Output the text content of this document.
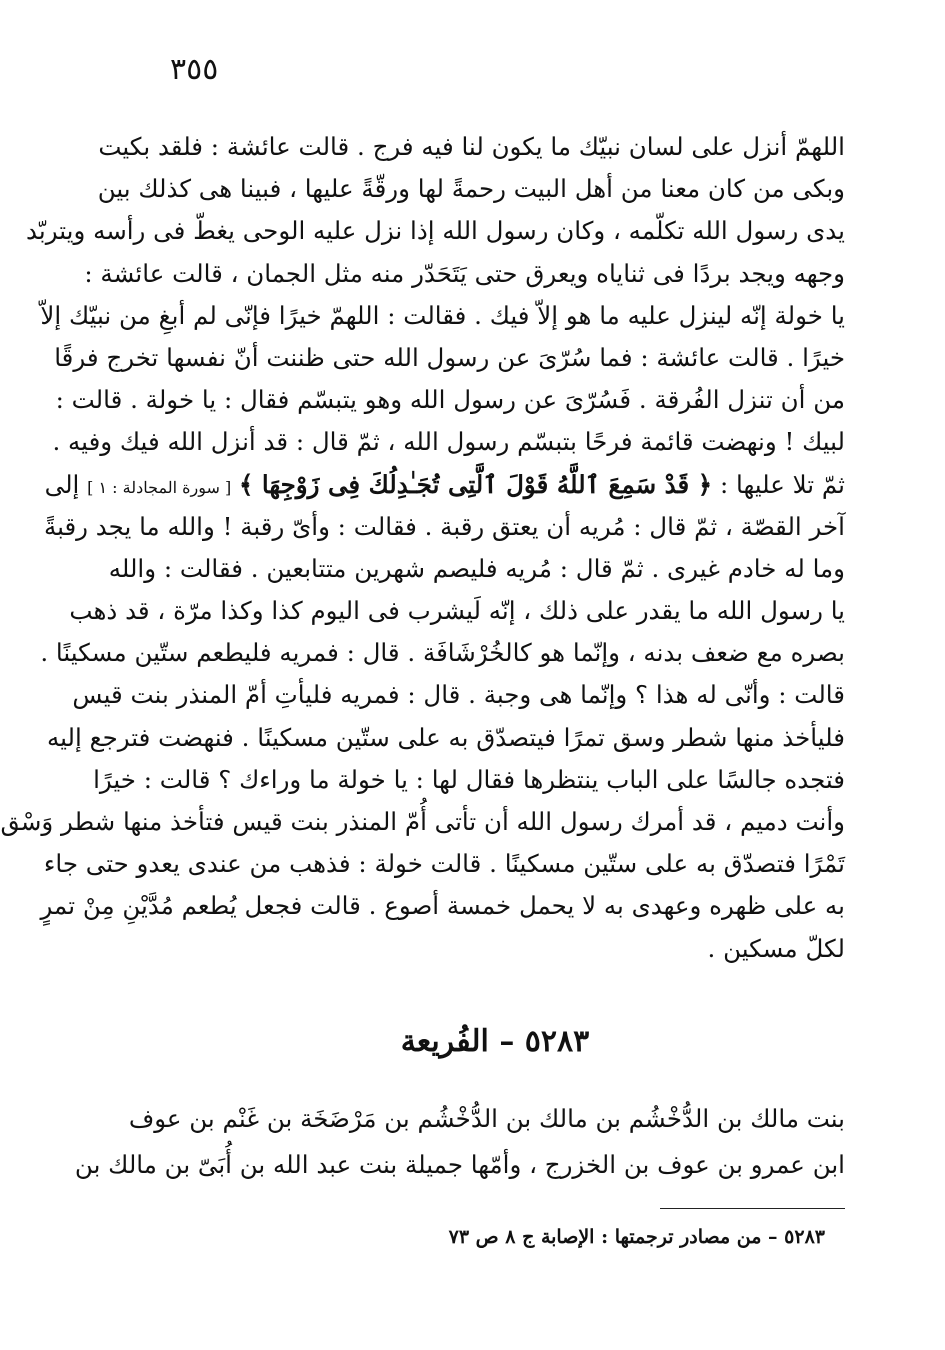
٣٥٥
اللهمّ أنزل على لسان نبيّك ما يكون لنا فيه فرج . قالت عائشة : فلقد بكيت
وبكى من كان معنا من أهل البيت رحمةً لها ورقّةً عليها ، فبينا هى كذلك بين
يدى رسول الله تكلّمه ، وكان رسول الله إذا نزل عليه الوحى يغطّ فى رأسه ويتربّد
وجهه ويجد بردًا فى ثناياه ويعرق حتى يَتَحَدّر منه مثل الجمان ، قالت عائشة :
يا خولة إنّه لينزل عليه ما هو إلاّ فيك . فقالت : اللهمّ خيرًا فإنّى لم أبغِ من نبيّك إلاّ
خيرًا . قالت عائشة : فما سُرّىَ عن رسول الله حتى ظننت أنّ نفسها تخرج فرقًا
من أن تنزل الفُرقة . فَسُرّىَ عن رسول الله وهو يتبسّم فقال : يا خولة . قالت :
لبيك ! ونهضت قائمة فرحًا بتبسّم رسول الله ، ثمّ قال : قد أنزل الله فيك وفيه .
ثمّ تلا عليها : ﴿ قَدْ سَمِعَ ٱللَّهُ قَوْلَ ٱلَّتِى تُجَـٰدِلُكَ فِى زَوْجِهَا ﴾ [ سورة المجادلة : ١ ] إلى
آخر القصّة ، ثمّ قال : مُريه أن يعتق رقبة . فقالت : وأىّ رقبة ! والله ما يجد رقبةً
وما له خادم غيرى . ثمّ قال : مُريه فليصم شهرين متتابعين . فقالت : والله
يا رسول الله ما يقدر على ذلك ، إنّه لَيشرب فى اليوم كذا وكذا مرّة ، قد ذهب
بصره مع ضعف بدنه ، وإنّما هو كالخُرْشَافَة . قال : فمريه فليطعم ستّين مسكينًا .
قالت : وأنّى له هذا ؟ وإنّما هى وجبة . قال : فمريه فليأتِ أمّ المنذر بنت قيس
فليأخذ منها شطر وسق تمرًا فيتصدّق به على ستّين مسكينًا . فنهضت فترجع إليه
فتجده جالسًا على الباب ينتظرها فقال لها : يا خولة ما وراءك ؟ قالت : خيرًا
وأنت دميم ، قد أمرك رسول الله أن تأتى أُمّ المنذر بنت قيس فتأخذ منها شطر وَسْق
تَمْرًا فتصدّق به على ستّين مسكينًا . قالت خولة : فذهب من عندى يعدو حتى جاء
به على ظهره وعهدى به لا يحمل خمسة أصوع . قالت فجعل يُطعم مُدَّيْنِ مِنْ تمرٍ
لكلّ مسكين .
٥٢٨٣ – الفُريعة
بنت مالك بن الدُّخْشُم بن مالك بن الدُّخْشُم بن مَرْضَخَة بن غَنْم بن عوف
ابن عمرو بن عوف بن الخزرج ، وأمّها جميلة بنت عبد الله بن أُبَىّ بن مالك بن
٥٢٨٣ – من مصادر ترجمتها : الإصابة ج ٨ ص ٧٣
